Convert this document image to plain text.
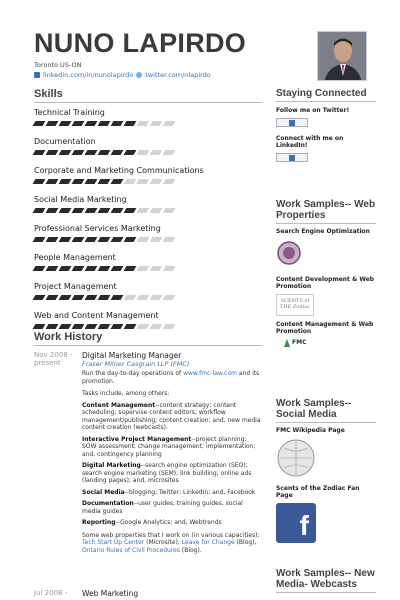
NUNO LAPIRDO
Toronto US-ON
linkedin.com/in/nunolapirdo twitter.com/nlapirdo
Skills
Technical Training
Documentation
Corporate and Marketing Communications
Social Media Marketing
Professional Services Marketing
People Management
Project Management
Web and Content Management
Work History
Nov 2008 - present
Digital Marketing Manager
Fraser Milner Casgrain LLP (FMC)

Run the day-to-day operations of www.fmc-law.com and its promotion.

Tasks include, among others:

Content Management--content strategy; content scheduling; supervise content editors; workflow management/publishing; content creation; and, new media content creation (webcasts).

Interactive Project Management--project planning; SOW assessment; change management; implementation; and, contingency planning

Digital Marketing--search engine optimization (SEO); search engine marketing (SEM); link building; online ads (landing pages); and, microsites

Social Media--blogging; Twitter; LinkedIn; and, Facebook

Documentation--user guides, training guides, social media guides

Reporting--Google Analytics; and, Webtrends

Some web properties that I work on (in various capacities): Tech Start Up Center (Microsite); Leave for Change (Blog), Ontario Rules of Civil Procedures (Blog).

Jul 2008 -	Web Marketing
Staying Connected
Follow me on Twitter!
Connect with me on LinkedIn!
Work Samples-- Web Properties
Search Engine Optimization
Content Development & Web Promotion
SCENTS of THE Zodiac
Content Management & Web Promotion
FMC
Work Samples-- Social Media
FMC Wikipedia Page
Scents of the Zodiac Fan Page
f
Work Samples-- New Media- Webcasts
